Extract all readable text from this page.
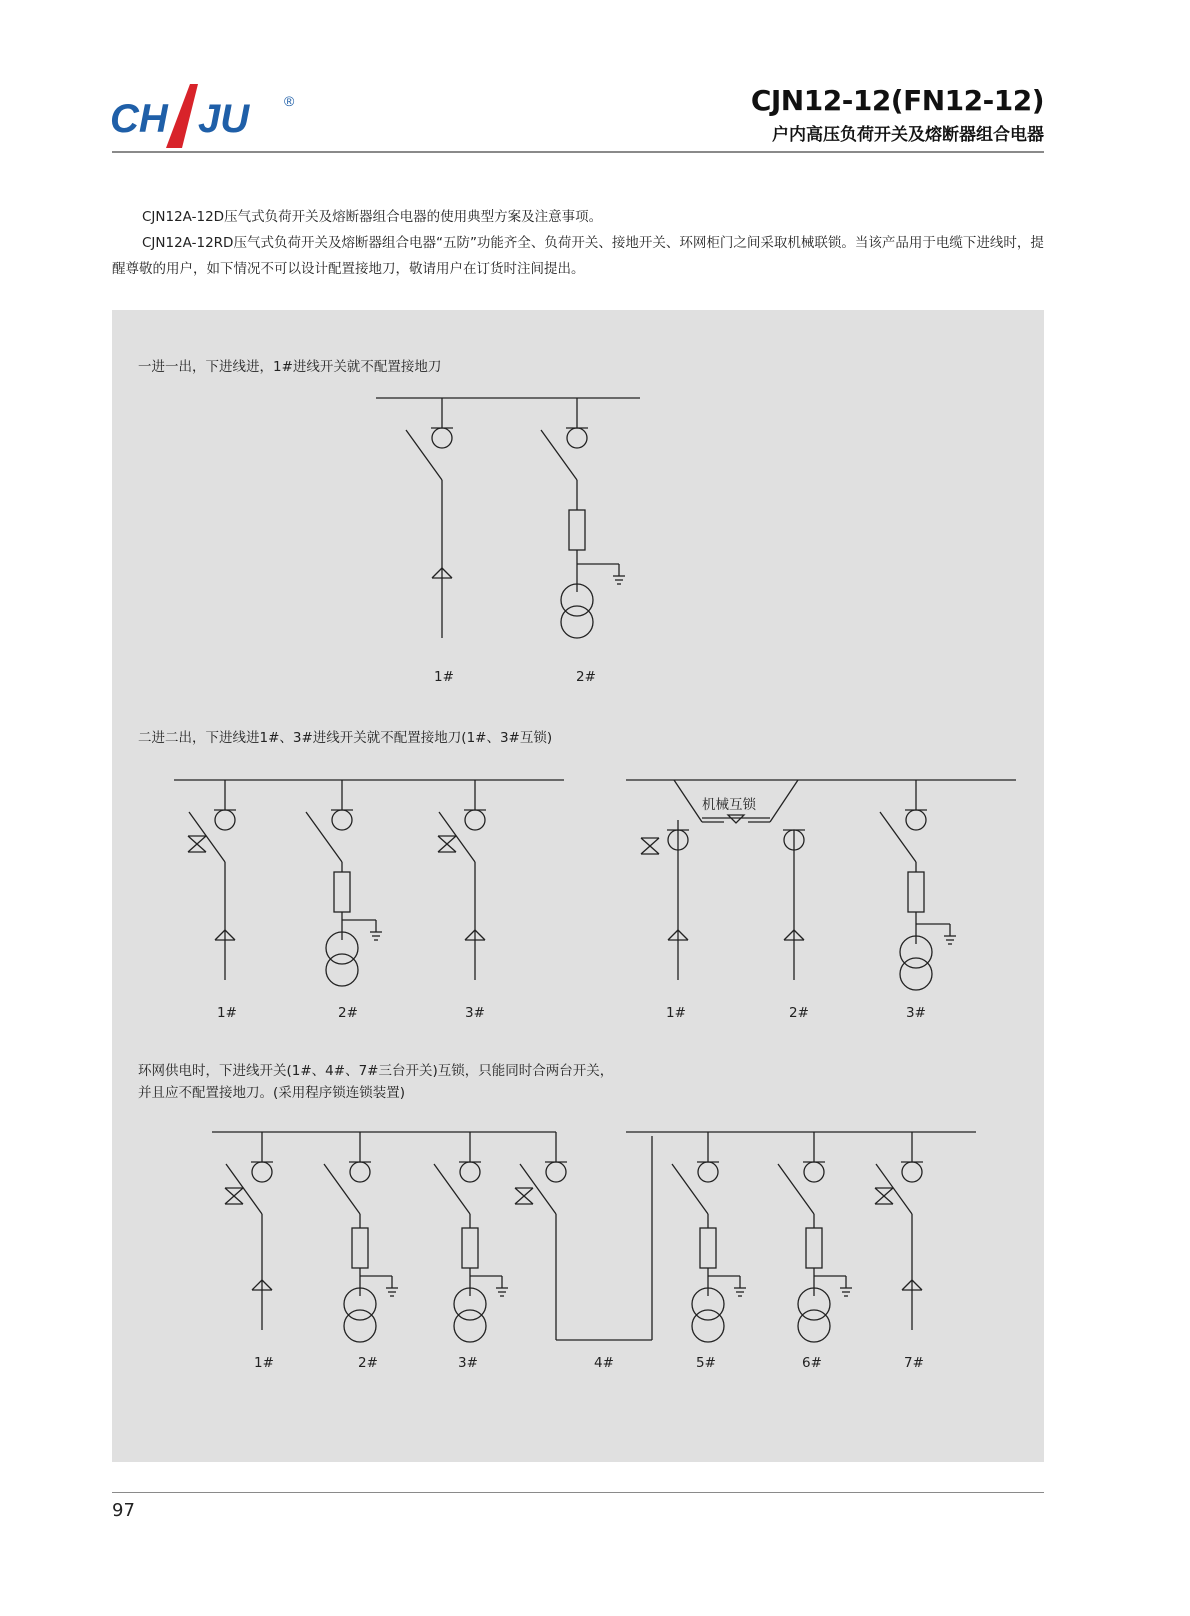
CH JU ®	CJN12-12(FN12-12)
户内高压负荷开关及熔断器组合电器

CJN12A-12D压气式负荷开关及熔断器组合电器的使用典型方案及注意事项。

CJN12A-12RD压气式负荷开关及熔断器组合电器“五防”功能齐全、负荷开关、接地开关、环网柜门之间采取机械联锁。当该产品用于电缆下进线时，提醒尊敬的用户，如下情况不可以设计配置接地刀，敬请用户在订货时注间提出。

一进一出，下进线进，1#进线开关就不配置接地刀
1#	2#
二进二出，下进线进1#、3#进线开关就不配置接地刀(1#、3#互锁)
1#	2#	3#
机械互锁
1#	2#	3#
环网供电时，下进线开关(1#、4#、7#三台开关)互锁，只能同时合两台开关，
并且应不配置接地刀。(采用程序锁连锁装置)
1#	2#	3#	4#	5#	6#	7#
97
